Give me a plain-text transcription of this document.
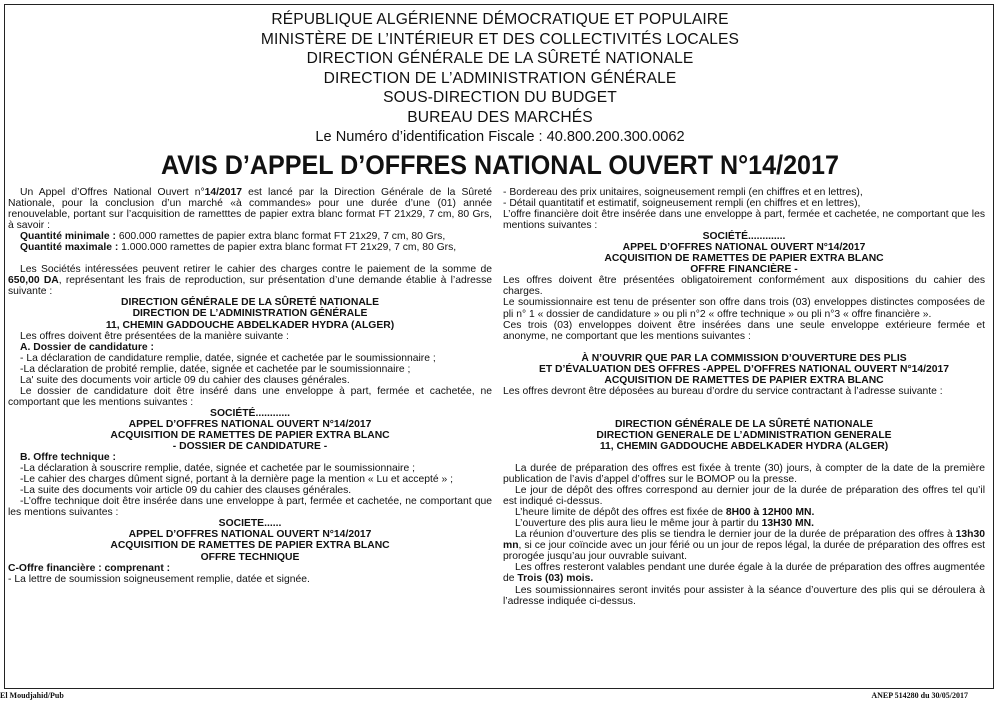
RÉPUBLIQUE ALGÉRIENNE DÉMOCRATIQUE ET POPULAIRE
MINISTÈRE DE L’INTÉRIEUR ET DES COLLECTIVITÉS LOCALES
DIRECTION GÉNÉRALE DE LA SÛRETÉ NATIONALE
DIRECTION DE L’ADMINISTRATION GÉNÉRALE
SOUS-DIRECTION DU BUDGET
BUREAU DES MARCHÉS
Le Numéro d’identification Fiscale : 40.800.200.300.0062
AVIS D’APPEL D’OFFRES NATIONAL OUVERT N°14/2017

Un Appel d’Offres National Ouvert n°14/2017 est lancé par la Direction Générale de la Sûreté Nationale, pour la conclusion d’un marché «à commandes» pour une durée d’une (01) année renouvelable, portant sur l’acquisition de rametttes de papier extra blanc format FT 21x29, 7 cm, 80 Grs, à savoir :

Quantité minimale : 600.000 ramettes de papier extra blanc format FT 21x29, 7 cm, 80 Grs,

Quantité maximale : 1.000.000 ramettes de papier extra blanc format FT 21x29, 7 cm, 80 Grs,

Les Sociétés intéressées peuvent retirer le cahier des charges contre le paiement de la somme de 650,00 DA, représentant les frais de reproduction, sur présentation d’une demande établie à l’adresse suivante :

DIRECTION GÉNÉRALE DE LA SÛRETÉ NATIONALE

DIRECTION DE L’ADMINISTRATION GÉNÉRALE

11, CHEMIN GADDOUCHE ABDELKADER HYDRA (ALGER)

Les offres doivent être présentées de la manière suivante :

A. Dossier de candidature :

- La déclaration de candidature remplie, datée, signée et cachetée par le soumissionnaire ;

-La déclaration de probité remplie, datée, signée et cachetée par le soumissionnaire ;

La' suite des documents voir article 09 du cahier des clauses générales.

Le dossier de candidature doit être inséré dans une enveloppe à part, fermée et cachetée, ne comportant que les mentions suivantes :

SOCIÉTÉ............

APPEL D’OFFRES NATIONAL OUVERT N°14/2017

ACQUISITION DE RAMETTES DE PAPIER EXTRA BLANC

- DOSSIER DE CANDIDATURE -

B. Offre technique :

-La déclaration à souscrire remplie, datée, signée et cachetée par le soumissionnaire ;

-Le cahier des charges dûment signé, portant à la dernière page la mention « Lu et accepté » ;

-La suite des documents voir article 09 du cahier des clauses générales.

-L’offre technique doit être insérée dans une enveloppe à part, fermée et cachetée, ne comportant que les mentions suivantes :

SOCIETE......

APPEL D’OFFRES NATIONAL OUVERT N°14/2017

ACQUISITION DE RAMETTES DE PAPIER EXTRA BLANC

OFFRE TECHNIQUE

C-Offre financière : comprenant :

- La lettre de soumission soigneusement remplie, datée et signée.

- Bordereau des prix unitaires, soigneusement rempli (en chiffres et en lettres),

- Détail quantitatif et estimatif, soigneusement rempli (en chiffres et en lettres),

L’offre financière doit être insérée dans une enveloppe à part, fermée et cachetée, ne comportant que les mentions suivantes :

SOCIÉTÉ.............

APPEL D’OFFRES NATIONAL OUVERT N°14/2017

ACQUISITION DE RAMETTES DE PAPIER EXTRA BLANC

OFFRE FINANCIÈRE -

Les offres doivent être présentées obligatoirement conformément aux dispositions du cahier des charges.

Le soumissionnaire est tenu de présenter son offre dans trois (03) enveloppes distinctes composées de pli n° 1 « dossier de candidature » ou pli n°2 « offre technique » ou pli n°3 « offre financière ».

Ces trois (03) enveloppes doivent être insérées dans une seule enveloppe extérieure fermée et anonyme, ne comportant que les mentions suivantes :

À N’OUVRIR QUE PAR LA COMMISSION D’OUVERTURE DES PLIS

ET D’ÉVALUATION DES OFFRES -APPEL D’OFFRES NATIONAL OUVERT N°14/2017

ACQUISITION DE RAMETTES DE PAPIER EXTRA BLANC

Les offres devront être déposées au bureau d’ordre du service contractant à l’adresse suivante :

DIRECTION GÉNÉRALE DE LA SÛRETÉ NATIONALE

DIRECTION GENERALE DE L’ADMINISTRATION GENERALE

11, CHEMIN GADDOUCHE ABDELKADER HYDRA (ALGER)

La durée de préparation des offres est fixée à trente (30) jours, à compter de la date de la première publication de l’avis d’appel d’offres sur le BOMOP ou la presse.

Le jour de dépôt des offres correspond au dernier jour de la durée de préparation des offres tel qu’il est indiqué ci-dessus.

L’heure limite de dépôt des offres est fixée de 8H00 à 12H00 MN.

L’ouverture des plis aura lieu le même jour à partir du 13H30 MN.

La réunion d’ouverture des plis se tiendra le dernier jour de la durée de préparation des offres à 13h30 mn, si ce jour coïncide avec un jour férié ou un jour de repos légal, la durée de préparation des offres est prorogée jusqu’au jour ouvrable suivant.

Les offres resteront valables pendant une durée égale à la durée de préparation des offres augmentée de Trois (03) mois.

Les soumissionnaires seront invités pour assister à la séance d’ouverture des plis qui se déroulera à l’adresse indiquée ci-dessus.

El Moudjahid/Pub	ANEP 514280 du 30/05/2017
